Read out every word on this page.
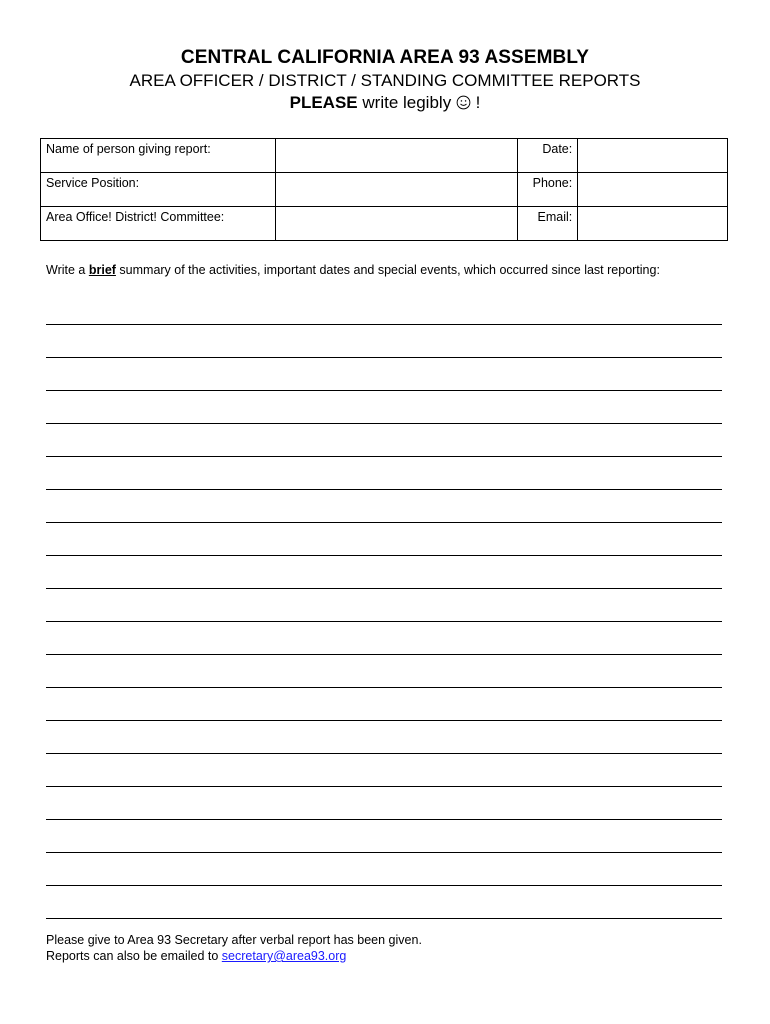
CENTRAL CALIFORNIA AREA 93 ASSEMBLY
AREA OFFICER / DISTRICT / STANDING COMMITTEE REPORTS
PLEASE write legibly  !
Name of person giving report:		Date:	
Service Position:		Phone:	
Area Office! District! Committee:		Email:	
Write a brief summary of the activities, important dates and special events, which occurred since last reporting:
Please give to Area 93 Secretary after verbal report has been given.
Reports can also be emailed to secretary@area93.org
